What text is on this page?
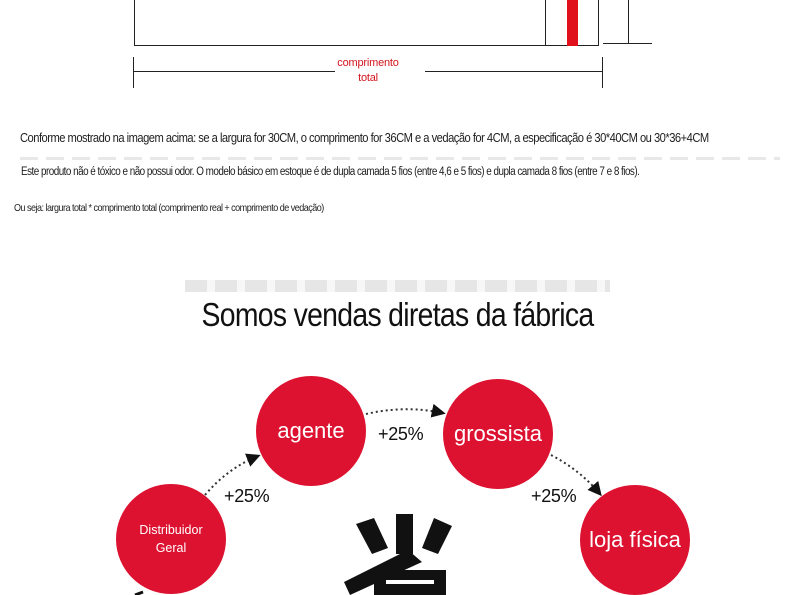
comprimento
total
Conforme mostrado na imagem acima: se a largura for 30CM, o comprimento for 36CM e a vedação for 4CM, a especificação é 30*40CM ou 30*36+4CM
Este produto não é tóxico e não possui odor. O modelo básico em estoque é de dupla camada 5 fios (entre 4,6 e 5 fios) e dupla camada 8 fios (entre 7 e 8 fios).
Ou seja: largura total * comprimento total (comprimento real + comprimento de vedação)
Somos vendas diretas da fábrica
agente	grossista
Distribuidor
Geral	loja física
+25%
+25%	+25%
